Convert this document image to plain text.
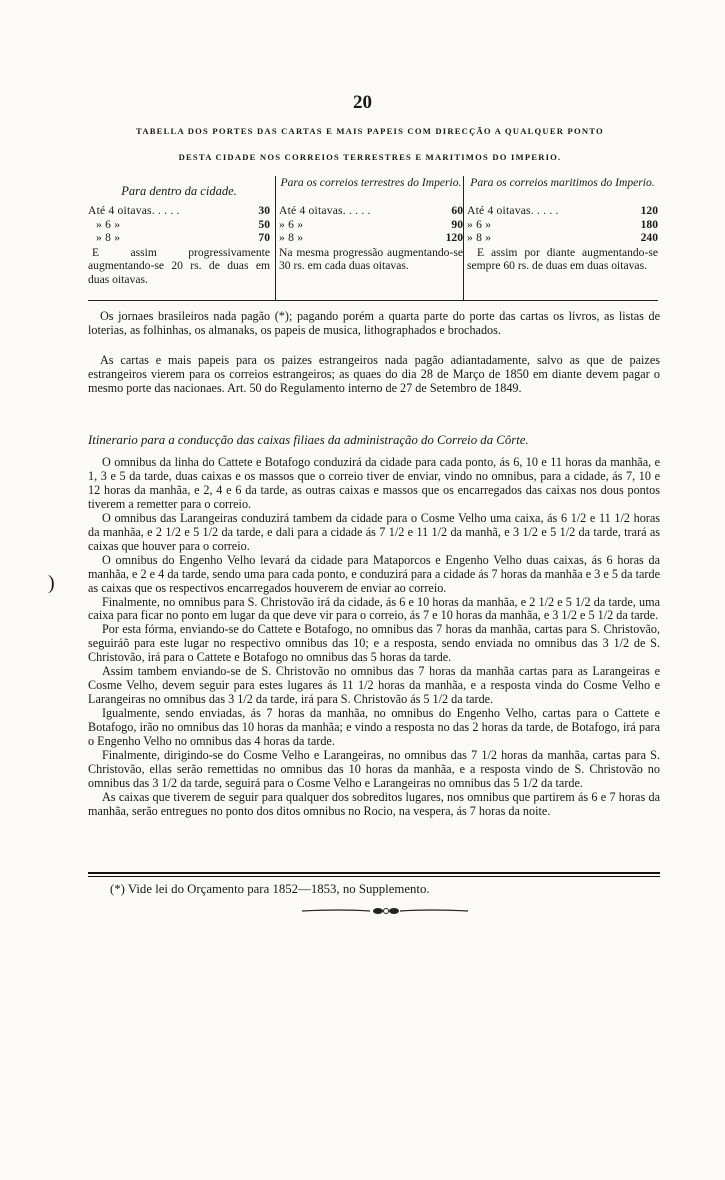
20
TABELLA DOS PORTES DAS CARTAS E MAIS PAPEIS COM DIRECÇÃO A QUALQUER PONTO
DESTA CIDADE NOS CORREIOS TERRESTRES E MARITIMOS DO IMPERIO.
Para dentro da cidade.
Até 4 oitavas. . . . .	30
» 6 »	50
» 8 »	70
E assim progressivamente augmentando-se 20 rs. de duas em duas oitavas.
Para os correios terrestres do Imperio.
Até 4 oitavas. . . . .	60
» 6 »	90
» 8 »	120
Na mesma progressão augmentando-se 30 rs. em cada duas oitavas.
Para os correios maritimos do Imperio.
Até 4 oitavas. . . . .	120
» 6 »	180
» 8 »	240
E assim por diante augmentando-se sempre 60 rs. de duas em duas oitavas.
Os jornaes brasileiros nada pagão (*); pagando porém a quarta parte do porte das cartas os livros, as listas de loterias, as folhinhas, os almanaks, os papeis de musica, lithographados e brochados.
As cartas e mais papeis para os paizes estrangeiros nada pagão adiantadamente, salvo as que de paizes estrangeiros vierem para os correios estrangeiros; as quaes do dia 28 de Março de 1850 em diante devem pagar o mesmo porte das nacionaes. Art. 50 do Regulamento interno de 27 de Setembro de 1849.
Itinerario para a conducção das caixas filiaes da administração do Correio da Côrte.

O omnibus da linha do Cattete e Botafogo conduzirá da cidade para cada ponto, ás 6, 10 e 11 horas da manhãa, e 1, 3 e 5 da tarde, duas caixas e os massos que o correio tiver de enviar, vindo no omnibus, para a cidade, ás 7, 10 e 12 horas da manhãa, e 2, 4 e 6 da tarde, as outras caixas e massos que os encarregados das caixas nos dous pontos tiverem a remetter para o correio.

O omnibus das Larangeiras conduzirá tambem da cidade para o Cosme Velho uma caixa, ás 6 1/2 e 11 1/2 horas da manhãa, e 2 1/2 e 5 1/2 da tarde, e dali para a cidade ás 7 1/2 e 11 1/2 da manhã, e 3 1/2 e 5 1/2 da tarde, trará as caixas que houver para o correio.

O omnibus do Engenho Velho levará da cidade para Mataporcos e Engenho Velho duas caixas, ás 6 horas da manhãa, e 2 e 4 da tarde, sendo uma para cada ponto, e conduzirá para a cidade ás 7 horas da manhãa e 3 e 5 da tarde as caixas que os respectivos encarregados houverem de enviar ao correio.

Finalmente, no omnibus para S. Christovão irá da cidade, ás 6 e 10 horas da manhãa, e 2 1/2 e 5 1/2 da tarde, uma caixa para ficar no ponto em lugar da que deve vir para o correio, ás 7 e 10 horas da manhãa, e 3 1/2 e 5 1/2 da tarde.

Por esta fórma, enviando-se do Cattete e Botafogo, no omnibus das 7 horas da manhãa, cartas para S. Christovão, seguiráõ para este lugar no respectivo omnibus das 10; e a resposta, sendo enviada no omnibus das 3 1/2 de S. Christovão, irá para o Cattete e Botafogo no omnibus das 5 horas da tarde.

Assim tambem enviando-se de S. Christovão no omnibus das 7 horas da manhãa cartas para as Larangeiras e Cosme Velho, devem seguir para estes lugares ás 11 1/2 horas da manhãa, e a resposta vinda do Cosme Velho e Larangeiras no omnibus das 3 1/2 da tarde, irá para S. Christovão ás 5 1/2 da tarde.

Igualmente, sendo enviadas, ás 7 horas da manhãa, no omnibus do Engenho Velho, cartas para o Cattete e Botafogo, irão no omnibus das 10 horas da manhãa; e vindo a resposta no das 2 horas da tarde, de Botafogo, irá para o Engenho Velho no omnibus das 4 horas da tarde.

Finalmente, dirigindo-se do Cosme Velho e Larangeiras, no omnibus das 7 1/2 horas da manhãa, cartas para S. Christovão, ellas serão remettidas no omnibus das 10 horas da manhãa, e a resposta vindo de S. Christovão no omnibus das 3 1/2 da tarde, seguirá para o Cosme Velho e Larangeiras no omnibus das 5 1/2 da tarde.

As caixas que tiverem de seguir para qualquer dos sobreditos lugares, nos omnibus que partirem ás 6 e 7 horas da manhãa, serão entregues no ponto dos ditos omnibus no Rocio, na vespera, ás 7 horas da noite.

)
(*) Vide lei do Orçamento para 1852—1853, no Supplemento.
